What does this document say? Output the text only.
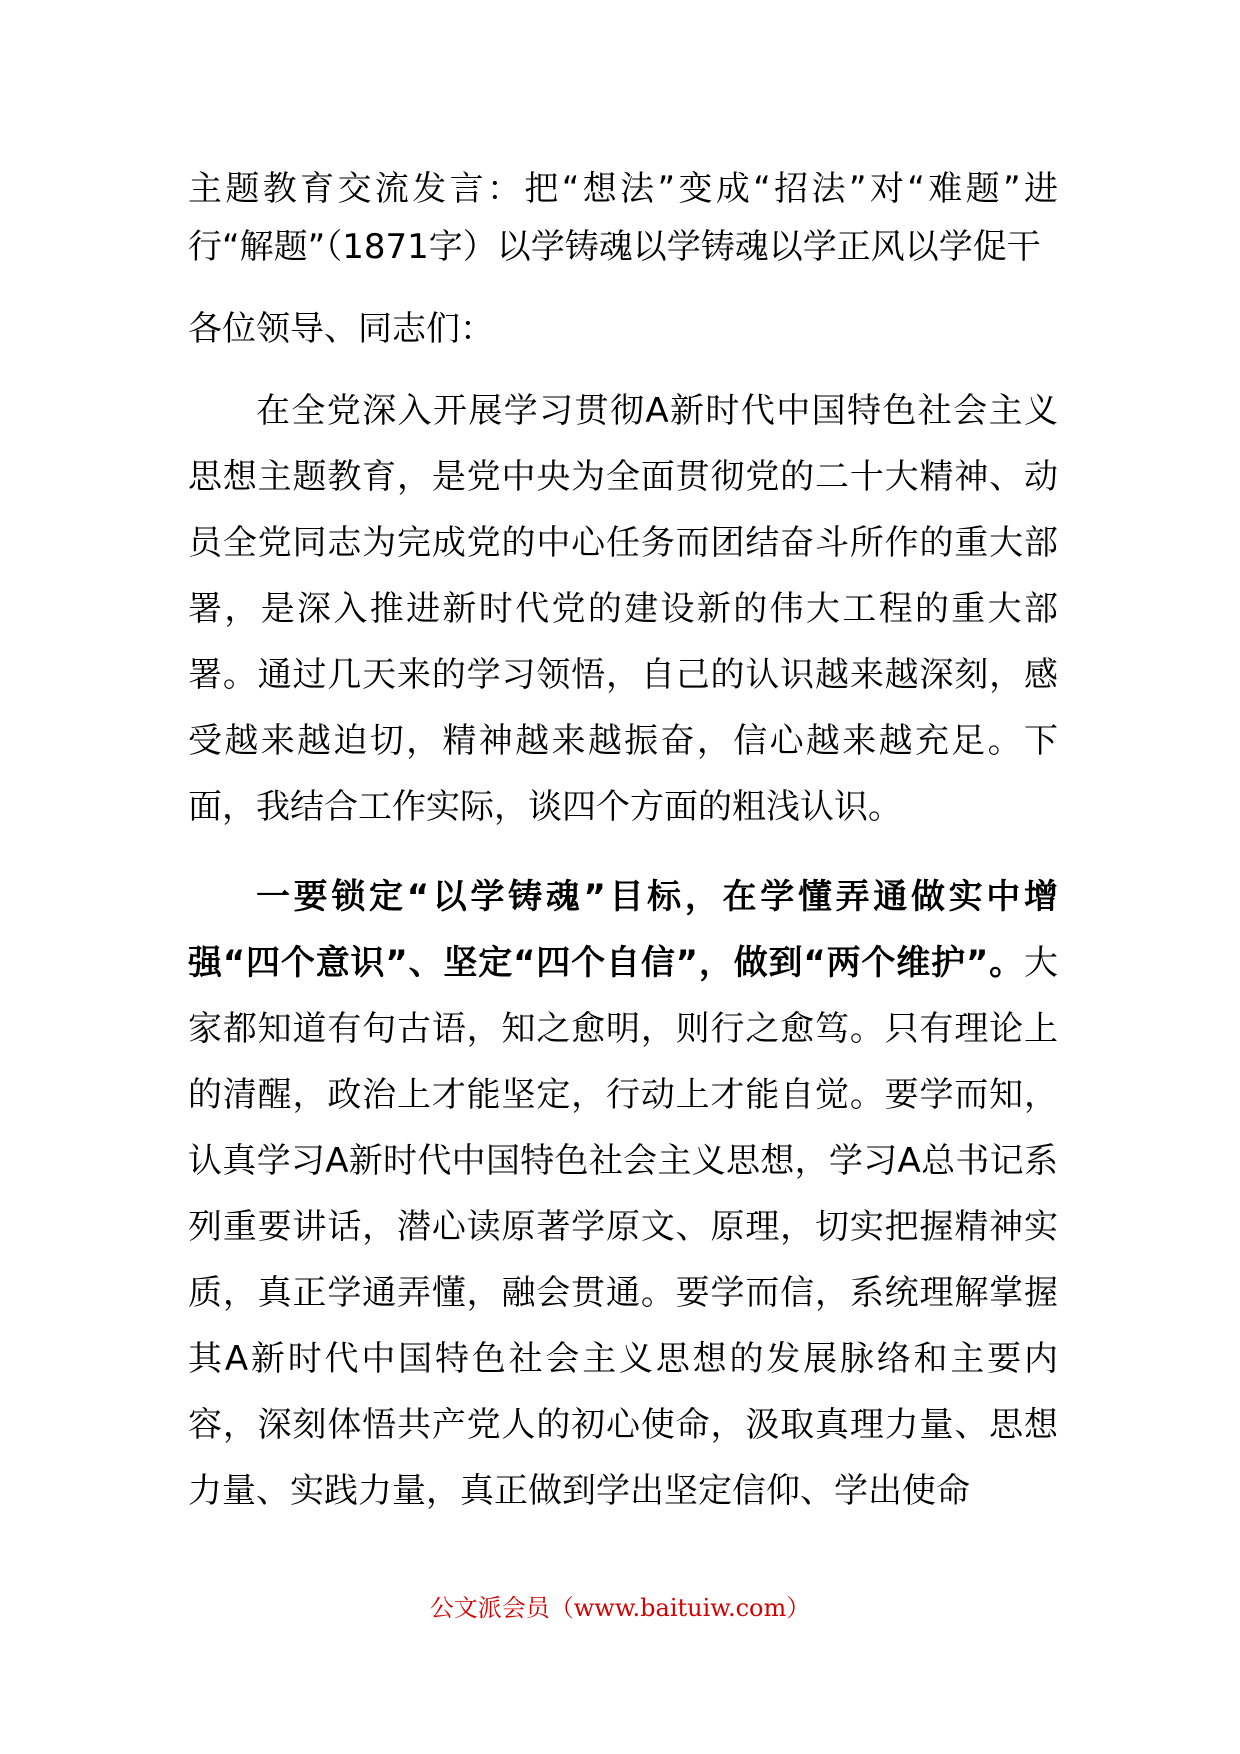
主题教育交流发言：把“想法”变成“招法”对“难题”进行“解题”（1871字）以学铸魂以学铸魂以学正风以学促干

各位领导、同志们：

在全党深入开展学习贯彻A新时代中国特色社会主义思想主题教育，是党中央为全面贯彻党的二十大精神、动员全党同志为完成党的中心任务而团结奋斗所作的重大部署，是深入推进新时代党的建设新的伟大工程的重大部署。通过几天来的学习领悟，自己的认识越来越深刻，感受越来越迫切，精神越来越振奋，信心越来越充足。下面，我结合工作实际，谈四个方面的粗浅认识。

一要锁定“以学铸魂”目标，在学懂弄通做实中增强“四个意识”、坚定“四个自信”，做到“两个维护”。大家都知道有句古语，知之愈明，则行之愈笃。只有理论上的清醒，政治上才能坚定，行动上才能自觉。要学而知，认真学习A新时代中国特色社会主义思想，学习A总书记系列重要讲话，潜心读原著学原文、原理，切实把握精神实质，真正学通弄懂，融会贯通。要学而信，系统理解掌握其A新时代中国特色社会主义思想的发展脉络和主要内容，深刻体悟共产党人的初心使命，汲取真理力量、思想力量、实践力量，真正做到学出坚定信仰、学出使命

公文派会员（www.baituiw.com）
